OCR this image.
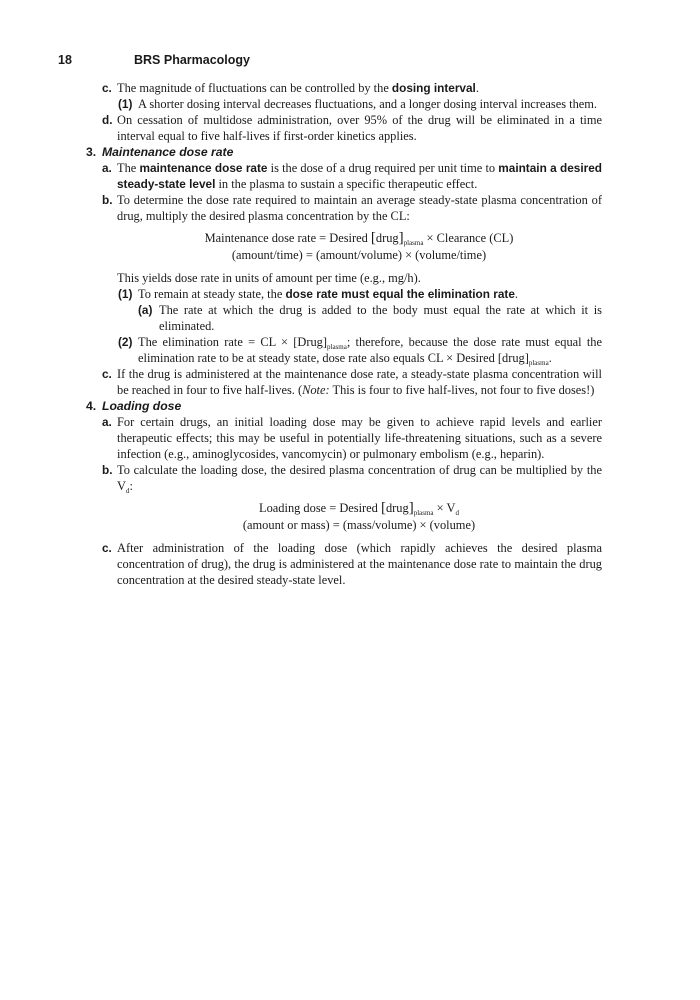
18	BRS Pharmacology

c. The magnitude of fluctuations can be controlled by the dosing interval.

(1) A shorter dosing interval decreases fluctuations, and a longer dosing interval increases them.

d. On cessation of multidose administration, over 95% of the drug will be eliminated in a time interval equal to five half-lives if first-order kinetics applies.

3. Maintenance dose rate

a. The maintenance dose rate is the dose of a drug required per unit time to maintain a desired steady-state level in the plasma to sustain a specific therapeutic effect.

b. To determine the dose rate required to maintain an average steady-state plasma concentration of drug, multiply the desired plasma concentration by the CL:

Maintenance dose rate = Desired $[drug]_{plasma}$ × Clearance (CL)
(amount/time) = (amount/volume) × (volume/time)

This yields dose rate in units of amount per time (e.g., mg/h).

(1) To remain at steady state, the dose rate must equal the elimination rate.

(a) The rate at which the drug is added to the body must equal the rate at which it is eliminated.

(2) The elimination rate = CL × $[Drug]_{plasma}$; therefore, because the dose rate must equal the elimination rate to be at steady state, dose rate also equals CL × Desired $[drug]_{plasma}$.

c. If the drug is administered at the maintenance dose rate, a steady-state plasma concentration will be reached in four to five half-lives. (Note: This is four to five half-lives, not four to five doses!)

4. Loading dose

a. For certain drugs, an initial loading dose may be given to achieve rapid levels and earlier therapeutic effects; this may be useful in potentially life-threatening situations, such as a severe infection (e.g., aminoglycosides, vancomycin) or pulmonary embolism (e.g., heparin).

b. To calculate the loading dose, the desired plasma concentration of drug can be multiplied by the $V_d$:

Loading dose = Desired $[drug]_{plasma} \times V_d$
(amount or mass) = (mass/volume) × (volume)

c. After administration of the loading dose (which rapidly achieves the desired plasma concentration of drug), the drug is administered at the maintenance dose rate to maintain the drug concentration at the desired steady-state level.
